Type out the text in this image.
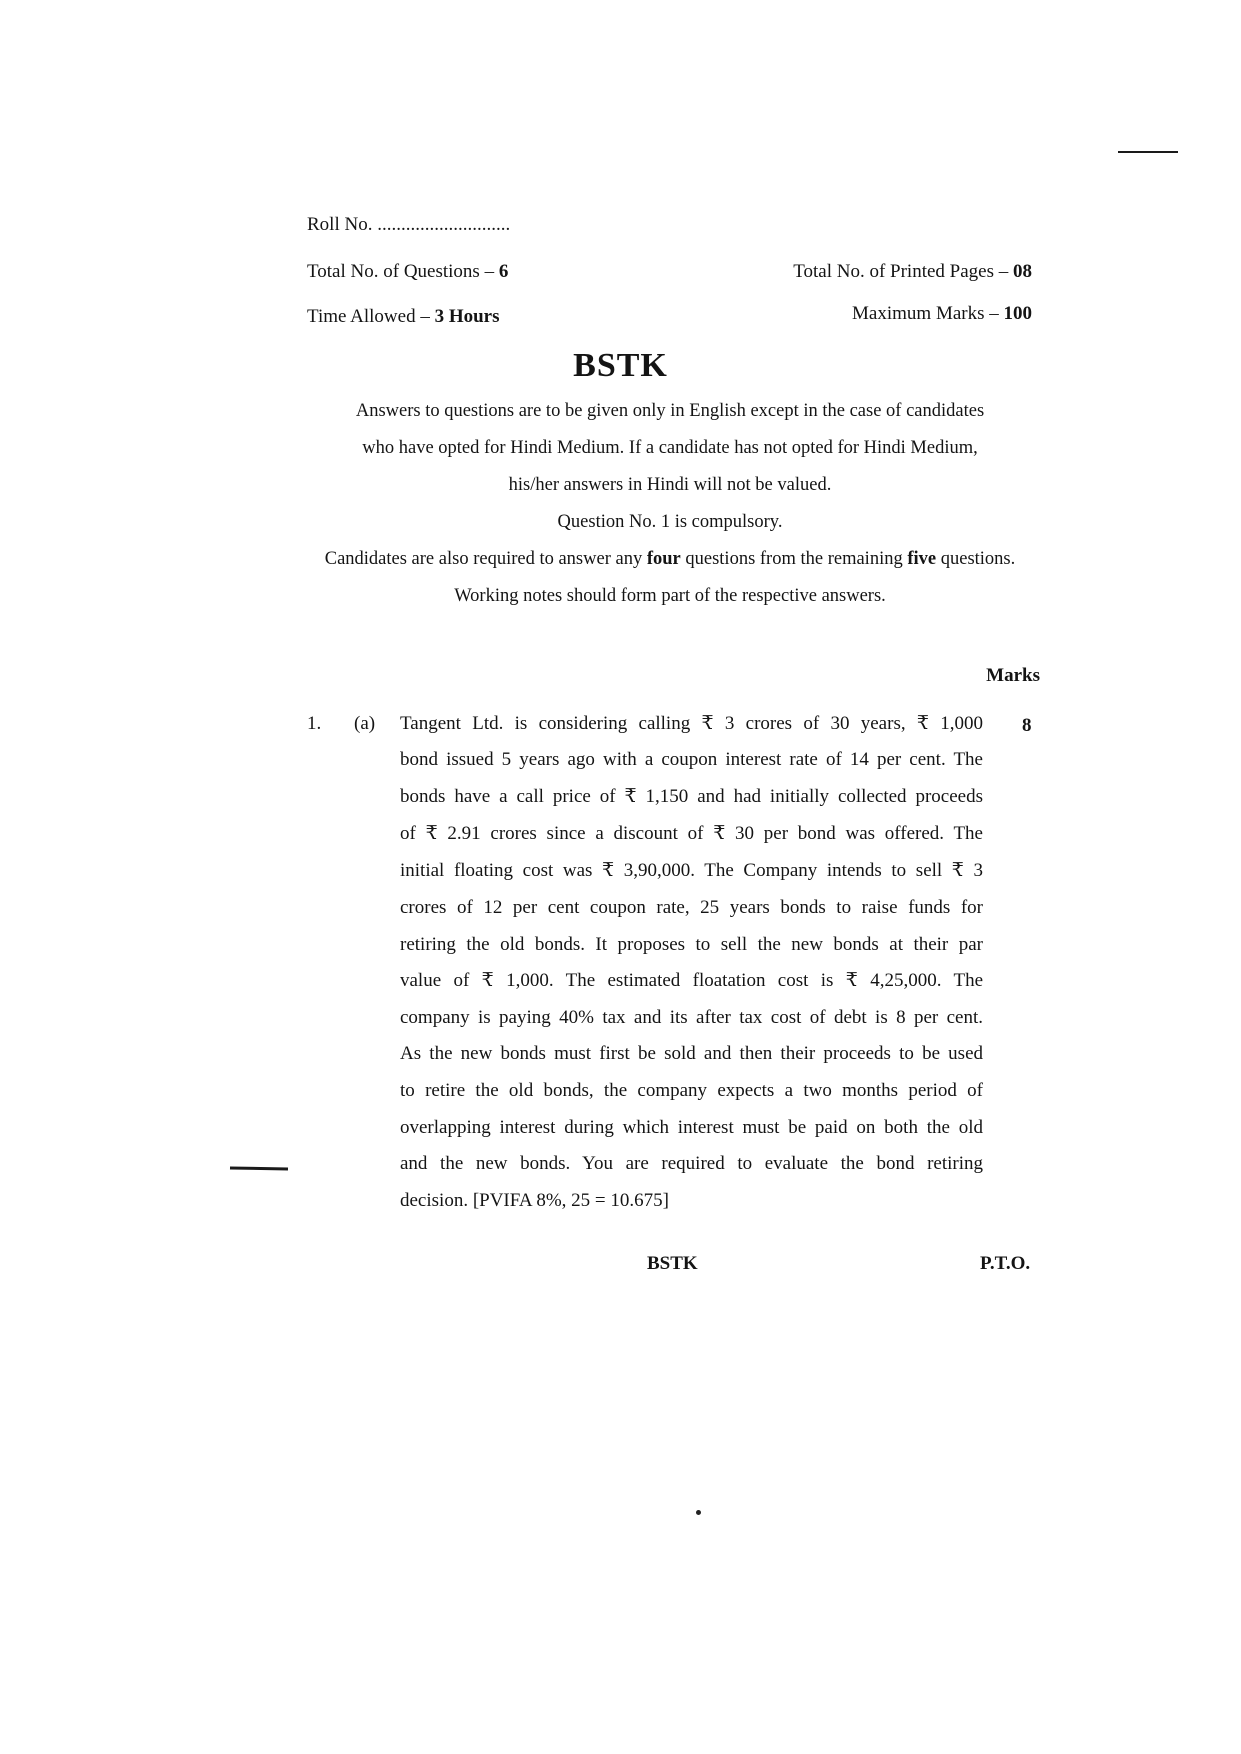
Roll No. ............................
Total No. of Questions – 6	Total No. of Printed Pages – 08
Time Allowed – 3 Hours	Maximum Marks – 100
BSTK
Answers to questions are to be given only in English except in the case of candidates
who have opted for Hindi Medium. If a candidate has not opted for Hindi Medium,
his/her answers in Hindi will not be valued.
Question No. 1 is compulsory.
Candidates are also required to answer any four questions from the remaining five questions.
Working notes should form part of the respective answers.
Marks
1. (a)	8
Tangent Ltd. is considering calling ₹ 3 crores of 30 years, ₹ 1,000
bond issued 5 years ago with a coupon interest rate of 14 per cent. The
bonds have a call price of ₹ 1,150 and had initially collected proceeds
of ₹ 2.91 crores since a discount of ₹ 30 per bond was offered. The
initial floating cost was ₹ 3,90,000. The Company intends to sell ₹ 3
crores of 12 per cent coupon rate, 25 years bonds to raise funds for
retiring the old bonds. It proposes to sell the new bonds at their par
value of ₹ 1,000. The estimated floatation cost is ₹ 4,25,000. The
company is paying 40% tax and its after tax cost of debt is 8 per cent.
As the new bonds must first be sold and then their proceeds to be used
to retire the old bonds, the company expects a two months period of
overlapping interest during which interest must be paid on both the old
and the new bonds. You are required to evaluate the bond retiring
decision. [PVIFA 8%, 25 = 10.675]
BSTK	P.T.O.
